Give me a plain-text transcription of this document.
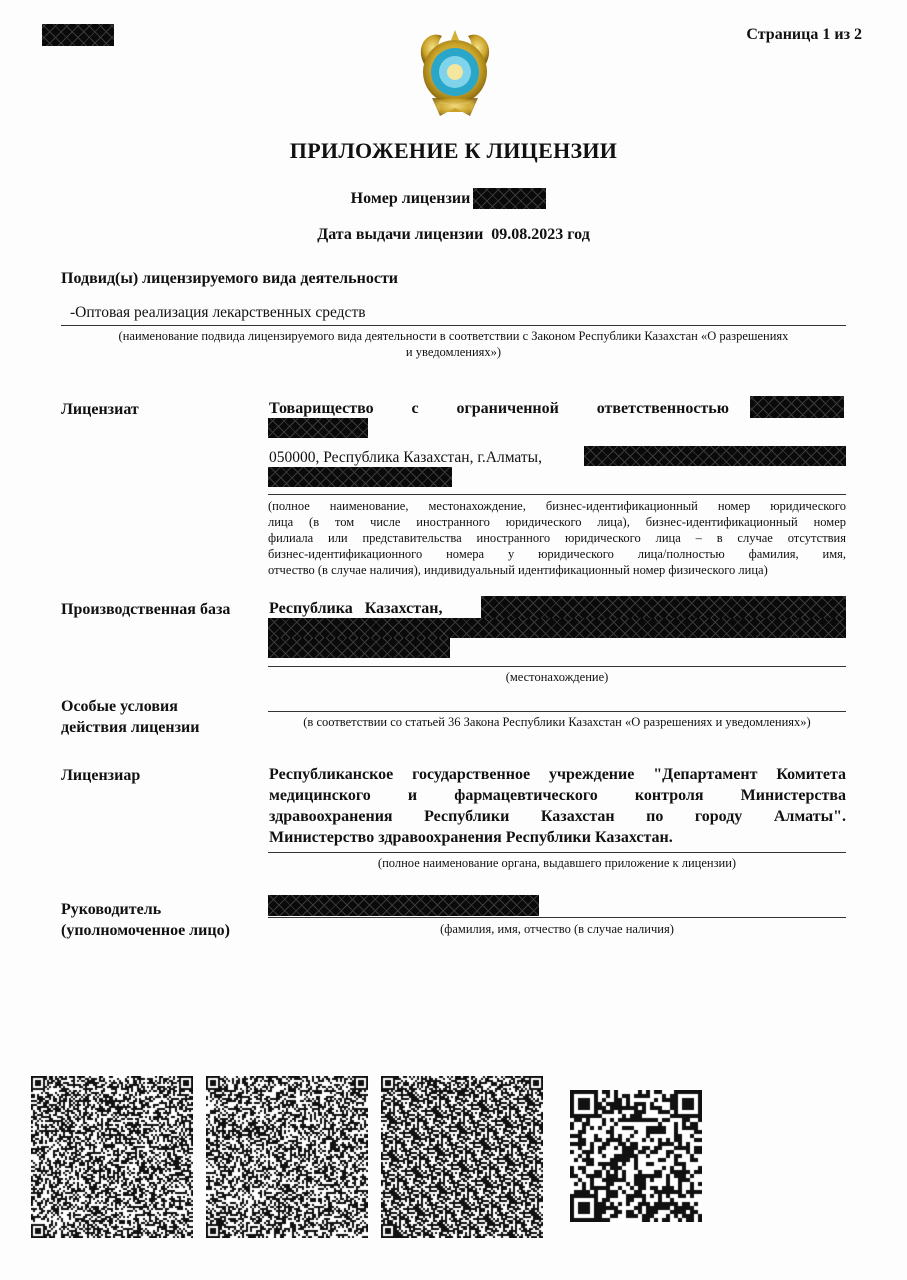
Страница 1 из 2
ПРИЛОЖЕНИЕ К ЛИЦЕНЗИИ
Номер лицензии
Дата выдачи лицензии 09.08.2023 год
Подвид(ы) лицензируемого вида деятельности
-Оптовая реализация лекарственных средств
(наименование подвида лицензируемого вида деятельности в соответствии с Законом Республики Казахстан «О разрешениях
и уведомлениях»)
Лицензиат	Товарищество с ограниченной ответственностью
050000, Республика Казахстан, г.Алматы,
(полное наименование, местонахождение, бизнес-идентификационный номер юридического
лица (в том числе иностранного юридического лица), бизнес-идентификационный номер
филиала или представительства иностранного юридического лица – в случае отсутствия
бизнес-идентификационного номера у юридического лица/полностью фамилия, имя,
отчество (в случае наличия), индивидуальный идентификационный номер физического лица)
Производственная база Республика   Казахстан,
(местонахождение)
Особые условия
действия лицензии	(в соответствии со статьей 36 Закона Республики Казахстан «О разрешениях и уведомлениях»)
Лицензиар	Республиканское государственное учреждение "Департамент Комитета
медицинского и фармацевтического контроля Министерства
здравоохранения Республики Казахстан по городу Алматы".
Министерство здравоохранения Республики Казахстан.
(полное наименование органа, выдавшего приложение к лицензии)
Руководитель
(уполномоченное лицо)	(фамилия, имя, отчество (в случае наличия)
